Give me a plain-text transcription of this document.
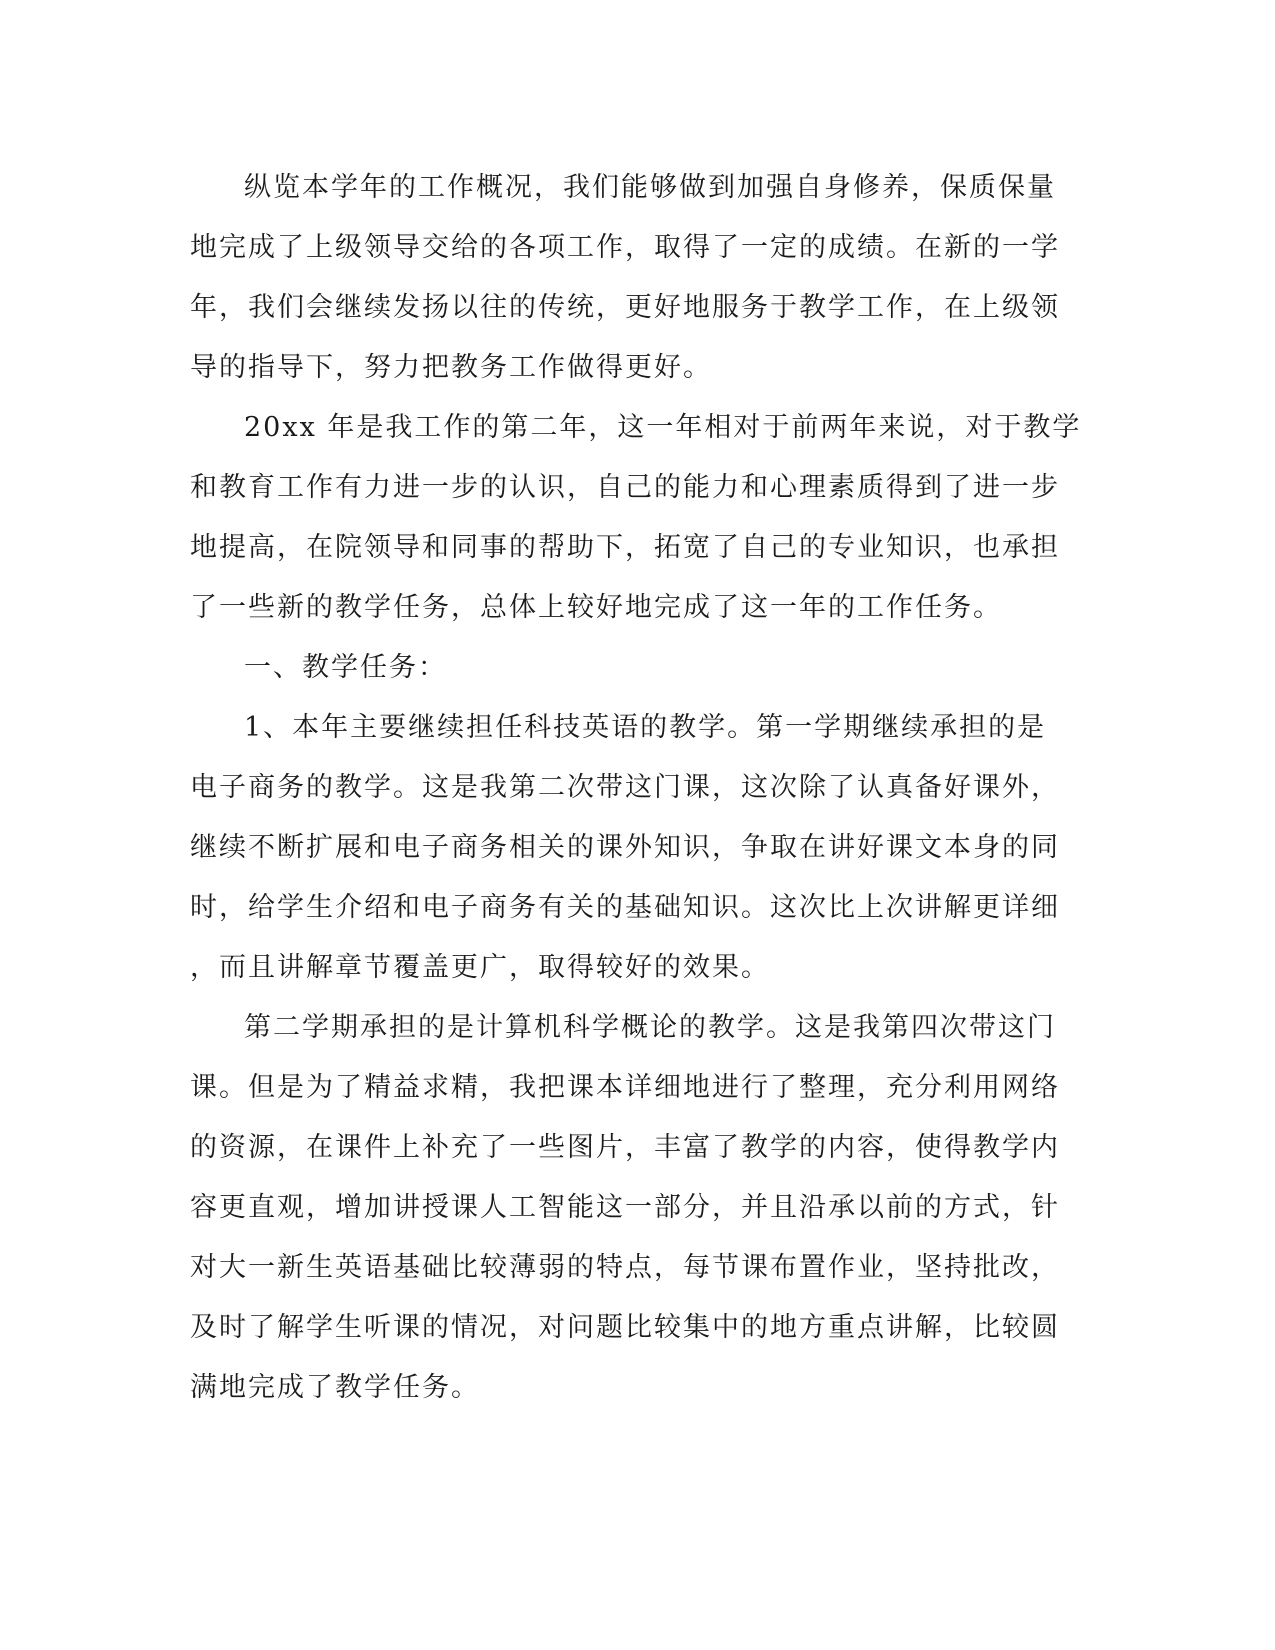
纵览本学年的工作概况，我们能够做到加强自身修养，保质保量
地完成了上级领导交给的各项工作，取得了一定的成绩。在新的一学
年，我们会继续发扬以往的传统，更好地服务于教学工作，在上级领
导的指导下，努力把教务工作做得更好。

20xx 年是我工作的第二年，这一年相对于前两年来说，对于教学
和教育工作有力进一步的认识，自己的能力和心理素质得到了进一步
地提高，在院领导和同事的帮助下，拓宽了自己的专业知识，也承担
了一些新的教学任务，总体上较好地完成了这一年的工作任务。

一、教学任务：

1、本年主要继续担任科技英语的教学。第一学期继续承担的是
电子商务的教学。这是我第二次带这门课，这次除了认真备好课外，
继续不断扩展和电子商务相关的课外知识，争取在讲好课文本身的同
时，给学生介绍和电子商务有关的基础知识。这次比上次讲解更详细
，而且讲解章节覆盖更广，取得较好的效果。

第二学期承担的是计算机科学概论的教学。这是我第四次带这门
课。但是为了精益求精，我把课本详细地进行了整理，充分利用网络
的资源，在课件上补充了一些图片，丰富了教学的内容，使得教学内
容更直观，增加讲授课人工智能这一部分，并且沿承以前的方式，针
对大一新生英语基础比较薄弱的特点，每节课布置作业，坚持批改，
及时了解学生听课的情况，对问题比较集中的地方重点讲解，比较圆
满地完成了教学任务。
